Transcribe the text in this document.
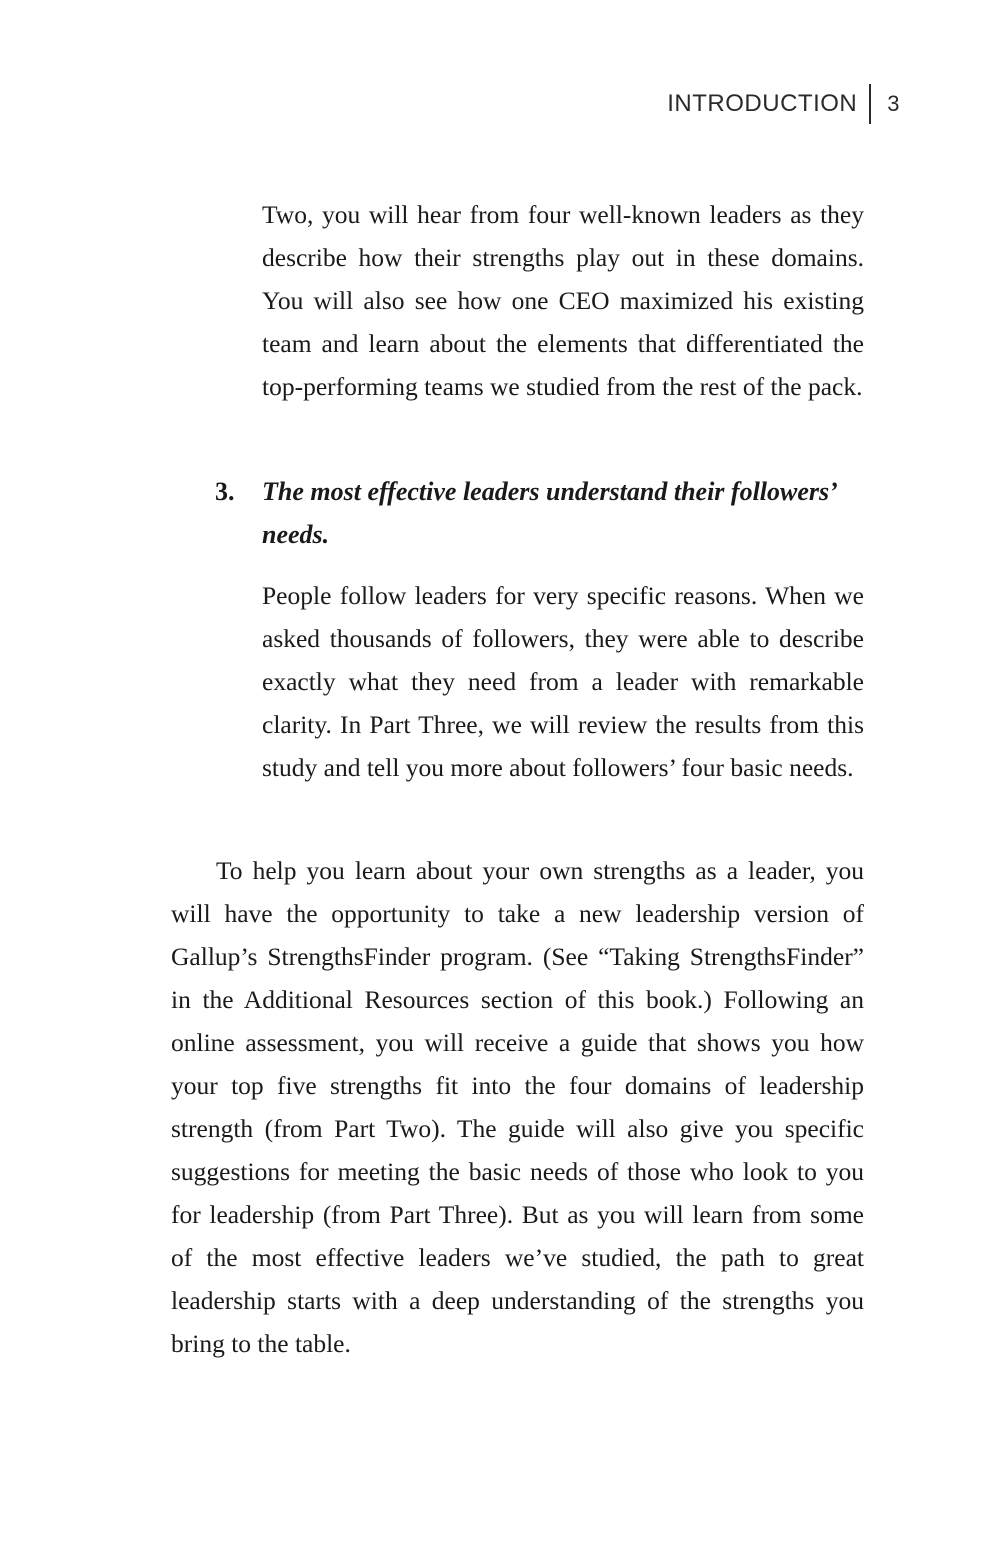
INTRODUCTION 3

Two, you will hear from four well-known leaders as they describe how their strengths play out in these domains. You will also see how one CEO maximized his existing team and learn about the elements that differentiated the top-performing teams we studied from the rest of the pack.

3.	The most effective leaders understand their followers’ needs.

People follow leaders for very specific reasons. When we asked thousands of followers, they were able to describe exactly what they need from a leader with remarkable clarity. In Part Three, we will review the results from this study and tell you more about followers’ four basic needs.

To help you learn about your own strengths as a leader, you will have the opportunity to take a new leadership version of Gallup’s StrengthsFinder program. (See “Taking StrengthsFinder” in the Additional Resources section of this book.) Following an online assessment, you will receive a guide that shows you how your top five strengths fit into the four domains of leadership strength (from Part Two). The guide will also give you specific suggestions for meeting the basic needs of those who look to you for leadership (from Part Three). But as you will learn from some of the most effective leaders we’ve studied, the path to great leadership starts with a deep understanding of the strengths you bring to the table.
